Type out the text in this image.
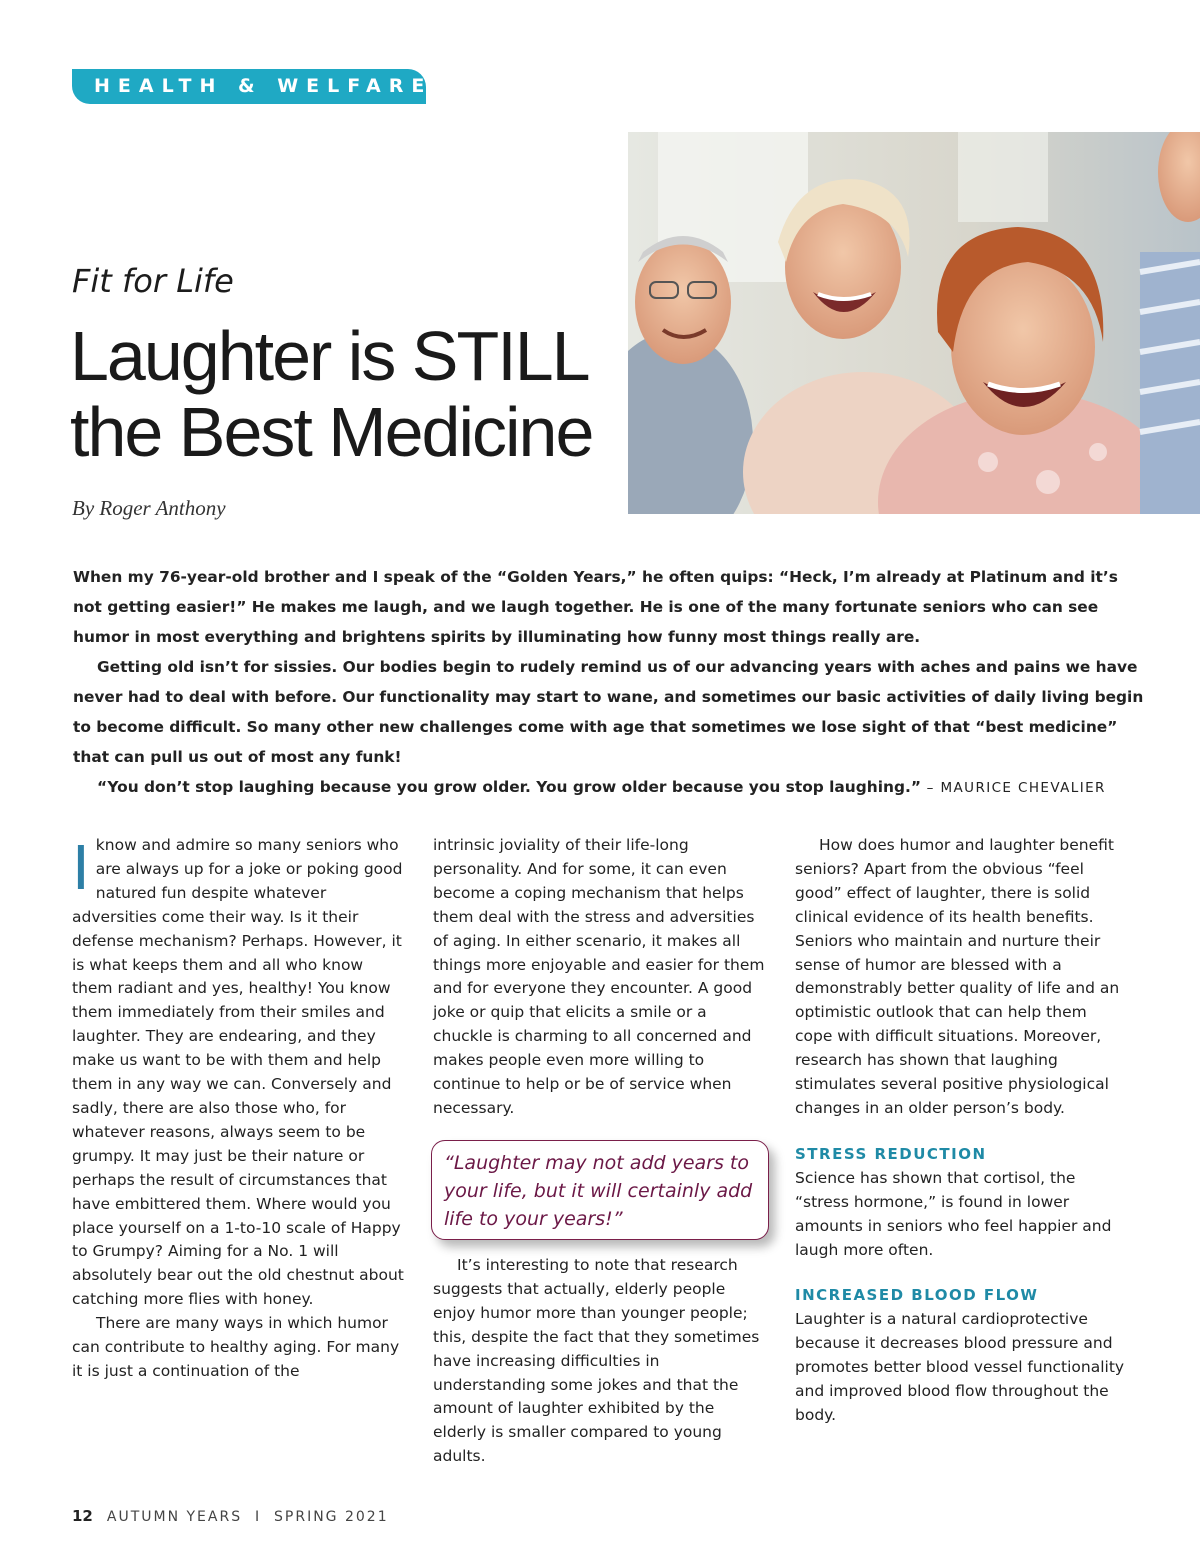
HEALTH & WELFARE
Fit for Life
Laughter is STILL
the Best Medicine
By Roger Anthony

When my 76-year-old brother and I speak of the “Golden Years,” he often quips: “Heck, I’m already at Platinum and it’s not getting easier!” He makes me laugh, and we laugh together. He is one of the many fortunate seniors who can see humor in most everything and brightens spirits by illuminating how funny most things really are.

Getting old isn’t for sissies. Our bodies begin to rudely remind us of our advancing years with aches and pains we have never had to deal with before. Our functionality may start to wane, and sometimes our basic activities of daily living begin to become difficult. So many other new challenges come with age that sometimes we lose sight of that “best medicine” that can pull us out of most any funk!

“You don’t stop laughing because you grow older. You grow older because you stop laughing.” – MAURICE CHEVALIER

Iknow and admire so many seniors who are always up for a joke or poking good natured fun despite whatever adversities come their way. Is it their defense mechanism? Perhaps. However, it is what keeps them and all who know them radiant and yes, healthy! You know them immediately from their smiles and laughter. They are endearing, and they make us want to be with them and help them in any way we can. Conversely and sadly, there are also those who, for whatever reasons, always seem to be grumpy. It may just be their nature or perhaps the result of circumstances that have embittered them. Where would you place yourself on a 1-to-10 scale of Happy to Grumpy? Aiming for a No. 1 will absolutely bear out the old chestnut about catching more flies with honey.

There are many ways in which humor can contribute to healthy aging. For many it is just a continuation of the

intrinsic joviality of their life-long personality. And for some, it can even become a coping mechanism that helps them deal with the stress and adversities of aging. In either scenario, it makes all things more enjoyable and easier for them and for everyone they encounter. A good joke or quip that elicits a smile or a chuckle is charming to all concerned and makes people even more willing to continue to help or be of service when necessary.

“Laughter may not add years to your life, but it will certainly add life to your years!”

It’s interesting to note that research suggests that actually, elderly people enjoy humor more than younger people; this, despite the fact that they sometimes have increasing difficulties in understanding some jokes and that the amount of laughter exhibited by the elderly is smaller compared to young adults.

How does humor and laughter benefit seniors? Apart from the obvious “feel good” effect of laughter, there is solid clinical evidence of its health benefits. Seniors who maintain and nurture their sense of humor are blessed with a demonstrably better quality of life and an optimistic outlook that can help them cope with difficult situations. Moreover, research has shown that laughing stimulates several positive physiological changes in an older person’s body.

STRESS REDUCTION

Science has shown that cortisol, the “stress hormone,” is found in lower amounts in seniors who feel happier and laugh more often.

INCREASED BLOOD FLOW

Laughter is a natural cardioprotective because it decreases blood pressure and promotes better blood vessel functionality and improved blood flow throughout the body.

12 AUTUMN YEARS  I  SPRING 2021
